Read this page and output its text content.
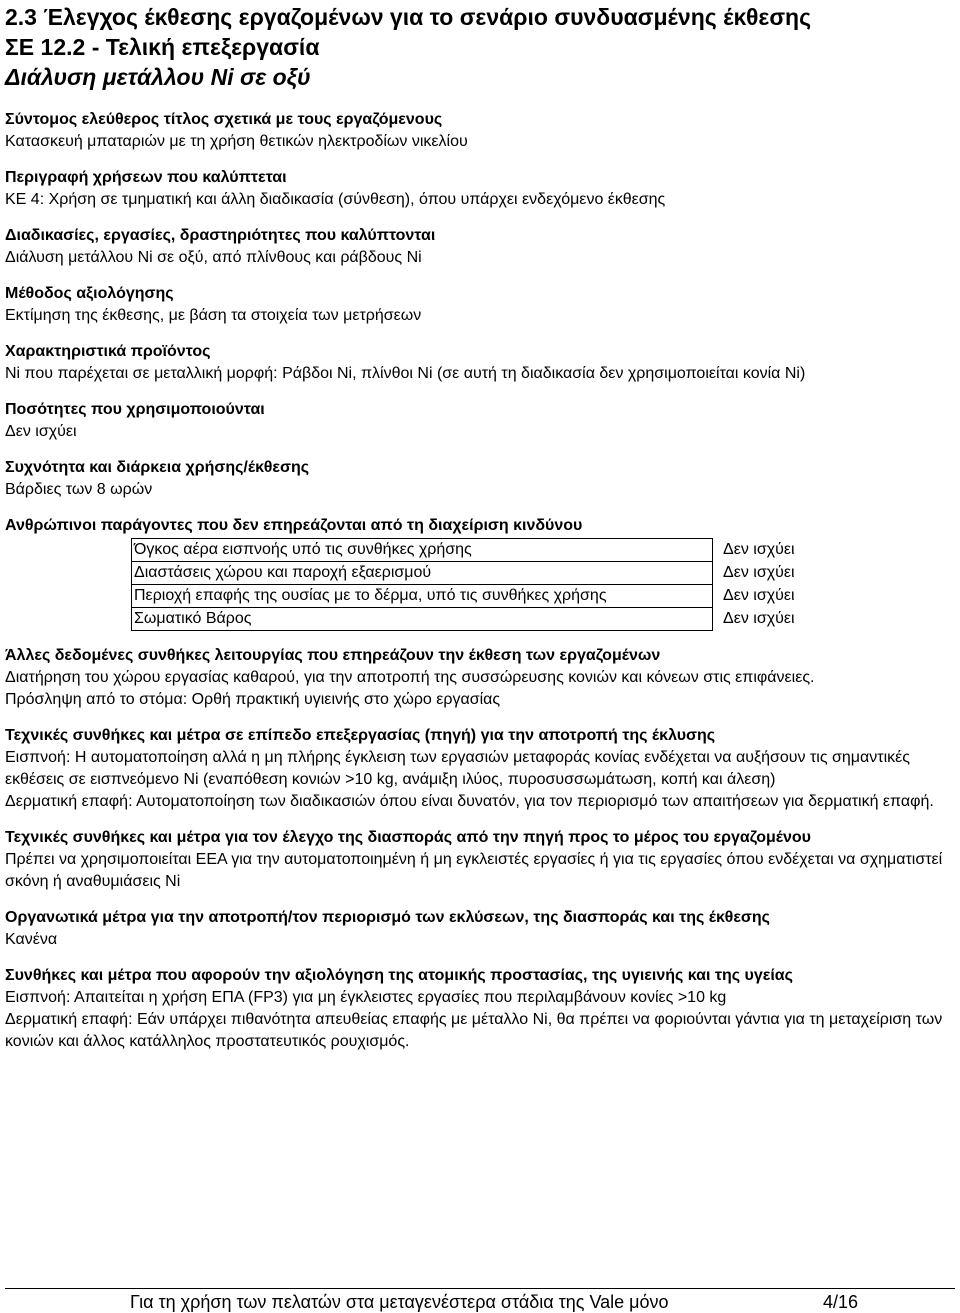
2.3 Έλεγχος έκθεσης εργαζομένων για το σενάριο συνδυασμένης έκθεσης
ΣΕ 12.2 - Τελική επεξεργασία
Διάλυση μετάλλου Ni σε οξύ
Σύντομος ελεύθερος τίτλος σχετικά με τους εργαζόμενους
Κατασκευή μπαταριών με τη χρήση θετικών ηλεκτροδίων νικελίου
Περιγραφή χρήσεων που καλύπτεται
ΚΕ 4: Χρήση σε τμηματική και άλλη διαδικασία (σύνθεση), όπου υπάρχει ενδεχόμενο έκθεσης
Διαδικασίες, εργασίες, δραστηριότητες που καλύπτονται
Διάλυση μετάλλου Ni σε οξύ, από πλίνθους και ράβδους Ni
Μέθοδος αξιολόγησης
Εκτίμηση της έκθεσης, με βάση τα στοιχεία των μετρήσεων
Χαρακτηριστικά προϊόντος
Ni που παρέχεται σε μεταλλική μορφή: Ράβδοι Ni, πλίνθοι Ni (σε αυτή τη διαδικασία δεν χρησιμοποιείται κονία Ni)
Ποσότητες που χρησιμοποιούνται
Δεν ισχύει
Συχνότητα και διάρκεια χρήσης/έκθεσης
Βάρδιες των 8 ωρών
Ανθρώπινοι παράγοντες που δεν επηρεάζονται από τη διαχείριση κινδύνου
Όγκος αέρα εισπνοής υπό τις συνθήκες χρήσης	Δεν ισχύει
Διαστάσεις χώρου και παροχή εξαερισμού	Δεν ισχύει
Περιοχή επαφής της ουσίας με το δέρμα, υπό τις συνθήκες χρήσης	Δεν ισχύει
Σωματικό Βάρος	Δεν ισχύει
Άλλες δεδομένες συνθήκες λειτουργίας που επηρεάζουν την έκθεση των εργαζομένων
Διατήρηση του χώρου εργασίας καθαρού, για την αποτροπή της συσσώρευσης κονιών και κόνεων στις επιφάνειες.
Πρόσληψη από το στόμα: Ορθή πρακτική υγιεινής στο χώρο εργασίας
Τεχνικές συνθήκες και μέτρα σε επίπεδο επεξεργασίας (πηγή) για την αποτροπή της έκλυσης
Εισπνοή: Η αυτοματοποίηση αλλά η μη πλήρης έγκλειση των εργασιών μεταφοράς κονίας ενδέχεται να αυξήσουν τις σημαντικές εκθέσεις σε εισπνεόμενο Ni (εναπόθεση κονιών >10 kg, ανάμιξη ιλύος, πυροσυσσωμάτωση, κοπή και άλεση)
Δερματική επαφή: Αυτοματοποίηση των διαδικασιών όπου είναι δυνατόν, για τον περιορισμό των απαιτήσεων για δερματική επαφή.
Τεχνικές συνθήκες και μέτρα για τον έλεγχο της διασποράς από την πηγή προς το μέρος του εργαζομένου
Πρέπει να χρησιμοποιείται ΕΕΑ για την αυτοματοποιημένη ή μη εγκλειστές εργασίες ή για τις εργασίες όπου ενδέχεται να σχηματιστεί σκόνη ή αναθυμιάσεις Ni
Οργανωτικά μέτρα για την αποτροπή/τον περιορισμό των εκλύσεων, της διασποράς και της έκθεσης
Κανένα
Συνθήκες και μέτρα που αφορούν την αξιολόγηση της ατομικής προστασίας, της υγιεινής και της υγείας
Εισπνοή: Απαιτείται η χρήση ΕΠΑ (FP3) για μη έγκλειστες εργασίες που περιλαμβάνουν κονίες >10 kg
Δερματική επαφή: Εάν υπάρχει πιθανότητα απευθείας επαφής με μέταλλο Ni, θα πρέπει να φοριούνται γάντια για τη μεταχείριση των κονιών και άλλος κατάλληλος προστατευτικός ρουχισμός.
Για τη χρήση των πελατών στα μεταγενέστερα στάδια της Vale μόνο	4/16
